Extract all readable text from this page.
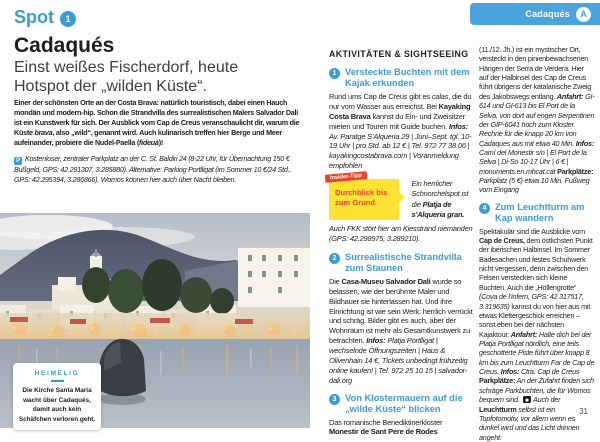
Cadaqués	A
Spot	1
Cadaqués
Einst weißes Fischerdorf, heute Hotspot der „wilden Küste“.

Einer der schönsten Orte an der Costa Brava: natürlich touristisch, dabei einen Hauch mondän und modern-hip. Schon die Strandvilla des surrealistischen Malers Salvador Dalí ist ein Kunstwerk für sich. Der Ausblick vom Cap de Creus veranschaulicht dir, warum die Küste brava, also „wild“, genannt wird. Auch kulinarisch treffen hier Berge und Meer aufeinander, probiere die Nudel-Paella (fideuà)!

P Kostenloser, zentraler Parkplatz an der C. St. Baldiri 24 (8-22 Uhr, für Übernachtung 150 € Bußgeld, GPS: 42.291307, 3.285880). Alternative: Parking Portlligat (im Sommer 10 €/24 Std., GPS: 42.295394, 3.286866), Womos können hier auch über Nacht bleiben.

HEIMELIG
Die Kirche Santa Maria wacht über Cadaqués, damit auch kein Schäfchen verloren geht.
AKTIVITÄTEN & SIGHTSEEING
1 Versteckte Buchten mit dem Kajak erkunden

Rund ums Cap de Creus gibt es calas, die du nur vom Wasser aus erreichst. Bei Kayaking Costa Brava kannst du Ein- und Zweisitzer mieten und Touren mit Guide buchen. Infos: Av. Paratge S’Alqueria 29 | Juni–Sept. tgl. 10-19 Uhr | pro Std. ab 12 € | Tel. 972 77 38 06 | kayakingcostabrava.com | Voranmeldung empfohlen

Insider-Tipp
Durchblick bis zum Grund
Ein herrlicher Schnorchelspot ist die Platja de s’Alqueria gran.

Auch FKK stört hier am Kiesstrand niemanden (GPS: 42.298975, 3.289210).

2 Surrealistische Strandvilla zum Staunen

Die Casa-Museu Salvador Dalí wurde so belassen, wie der berühmte Maler und Bildhauer sie hinterlassen hat. Und ihre Einrichtung ist wie sein Werk: herrlich verrückt und schräg. Bilder gibt es auch, aber der Wohnraum ist mehr als Gesamtkunstwerk zu betrachten. Infos: Platja Portlligat | wechselnde Öffnungszeiten | Haus & Olivenhain 14 €, Tickets unbedingt frühzeitig online kaufen! | Tel. 972 25 10 15 | salvador-dali.org

3 Von Klostermauern auf die „wilde Küste“ blicken

Das romanische Benediktinerkloster Monestir de Sant Pere de Rodes

(11./12. Jh.) ist ein mystischer Ort, versteckt in den pinienbewachsenen Hängen der Serra de Verdera. Hier auf der Halbinsel des Cap de Creus führt übrigens der katalanische Zweig des Jakobswegs entlang. Anfahrt: GI-614 und GI-613 bis El Port de la Selva, von dort auf engen Serpentinen der GIP-6041 hoch zum Kloster. Rechne für die knapp 20 km von Cadaques aus mit etwa 40 Min. Infos: Camí del Monestir s/n | El Port de la Selva | Di-So 10-17 Uhr | 6 € | monuments.en.mhcat.cat Parkplätze: Parkplatz (5 €) etwa 10 Min. Fußweg vom Eingang

4 Zum Leuchtturm am Kap wandern

Spektakulär sind die Ausblicke vom Cap de Creus, dem östlichsten Punkt der iberischen Halbinsel. Im Sommer Badesachen und festes Schuhwerk nicht vergessen, denn zwischen den Felsen verstecken sich kleine Buchten. Auch die „Höllengrotte“ (Cova de l’infern, GPS: 42.317517, 3.319635) kannst du von hier aus mit etwas Klettergeschick erreichen – sonst eben bei der nächsten Kajaktour. Anfahrt: Halte dich bei der Platja Portlligat nördlich, eine teils geschotterte Piste führt über knapp 8 km bis zum Leuchtturm Far de Cap de Creus. Infos: Ctra. Cap de Creus Parkplätze: An der Zufahrt finden sich schräge Parkbuchten, die für Womos bequem sind.  Auch der Leuchtturm selbst ist ein Topfotomotiv, vor allem wenn es dunkel wird und das Licht drinnen angeht.

31
